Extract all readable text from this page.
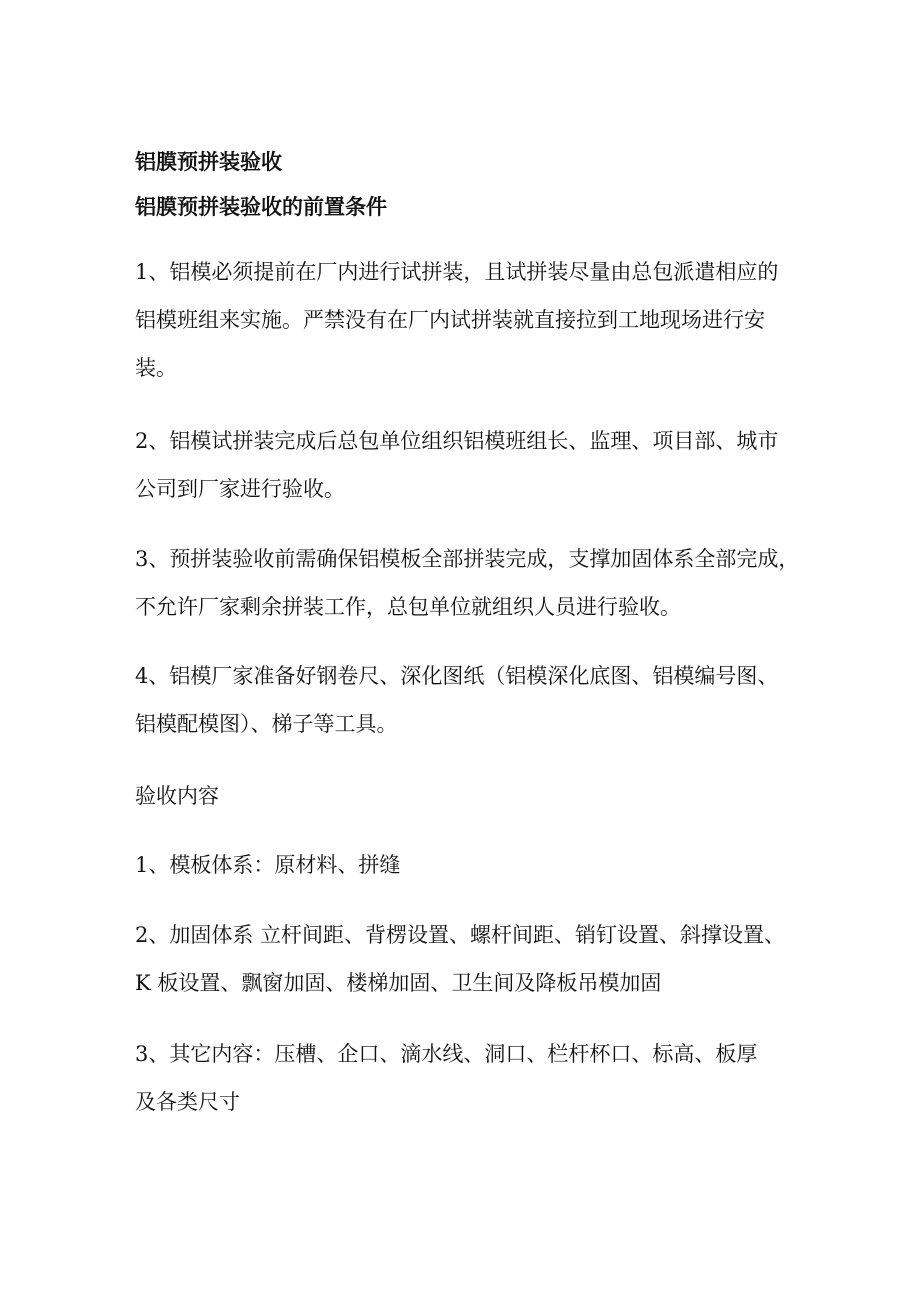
铝膜预拼装验收
铝膜预拼装验收的前置条件
1、铝模必须提前在厂内进行试拼装，且试拼装尽量由总包派遣相应的
铝模班组来实施。严禁没有在厂内试拼装就直接拉到工地现场进行安
装。
2、铝模试拼装完成后总包单位组织铝模班组长、监理、项目部、城市
公司到厂家进行验收。
3、预拼装验收前需确保铝模板全部拼装完成，支撑加固体系全部完成，
不允许厂家剩余拼装工作，总包单位就组织人员进行验收。
4、铝模厂家准备好钢卷尺、深化图纸（铝模深化底图、铝模编号图、
铝模配模图）、梯子等工具。
验收内容
1、模板体系：原材料、拼缝
2、加固体系 立杆间距、背楞设置、螺杆间距、销钉设置、斜撑设置、
K 板设置、飘窗加固、楼梯加固、卫生间及降板吊模加固
3、其它内容：压槽、企口、滴水线、洞口、栏杆杯口、标高、板厚
及各类尺寸
